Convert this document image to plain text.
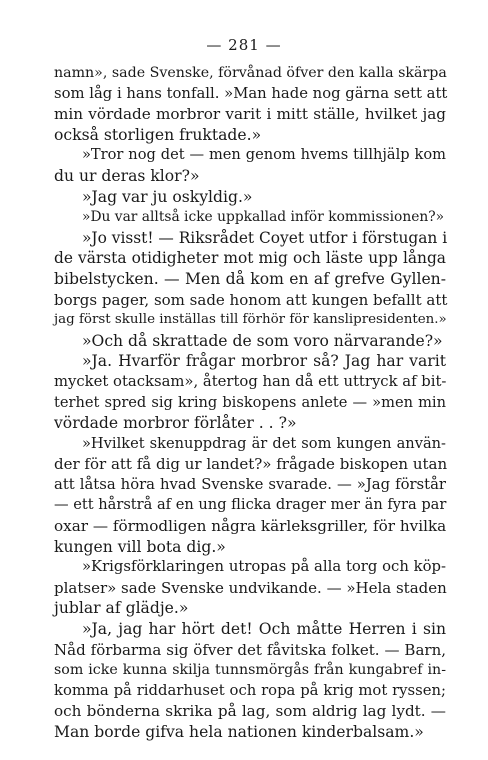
— 281 —
namn», sade Svenske, förvånad öfver den kalla skärpa
som låg i hans tonfall. »Man hade nog gärna sett att
min vördade morbror varit i mitt ställe, hvilket jag
också storligen fruktade.»
»Tror nog det — men genom hvems tillhjälp kom
du ur deras klor?»
»Jag var ju oskyldig.»
»Du var alltså icke uppkallad inför kommissionen?»
»Jo visst! — Riksrådet Coyet utfor i förstugan i
de värsta otidigheter mot mig och läste upp långa
bibelstycken. — Men då kom en af grefve Gyllen-
borgs pager, som sade honom att kungen befallt att
jag först skulle inställas till förhör för kanslipresidenten.»
»Och då skrattade de som voro närvarande?»
»Ja. Hvarför frågar morbror så? Jag har varit
mycket otacksam», återtog han då ett uttryck af bit-
terhet spred sig kring biskopens anlete — »men min
vördade morbror förlåter . . ?»
»Hvilket skenuppdrag är det som kungen använ-
der för att få dig ur landet?» frågade biskopen utan
att låtsa höra hvad Svenske svarade. — »Jag förstår
— ett hårstrå af en ung flicka drager mer än fyra par
oxar — förmodligen några kärleksgriller, för hvilka
kungen vill bota dig.»
»Krigsförklaringen utropas på alla torg och köp-
platser» sade Svenske undvikande. — »Hela staden
jublar af glädje.»
»Ja, jag har hört det! Och måtte Herren i sin
Nåd förbarma sig öfver det fåvitska folket. — Barn,
som icke kunna skilja tunnsmörgås från kungabref in-
komma på riddarhuset och ropa på krig mot ryssen;
och bönderna skrika på lag, som aldrig lag lydt. —
Man borde gifva hela nationen kinderbalsam.»
